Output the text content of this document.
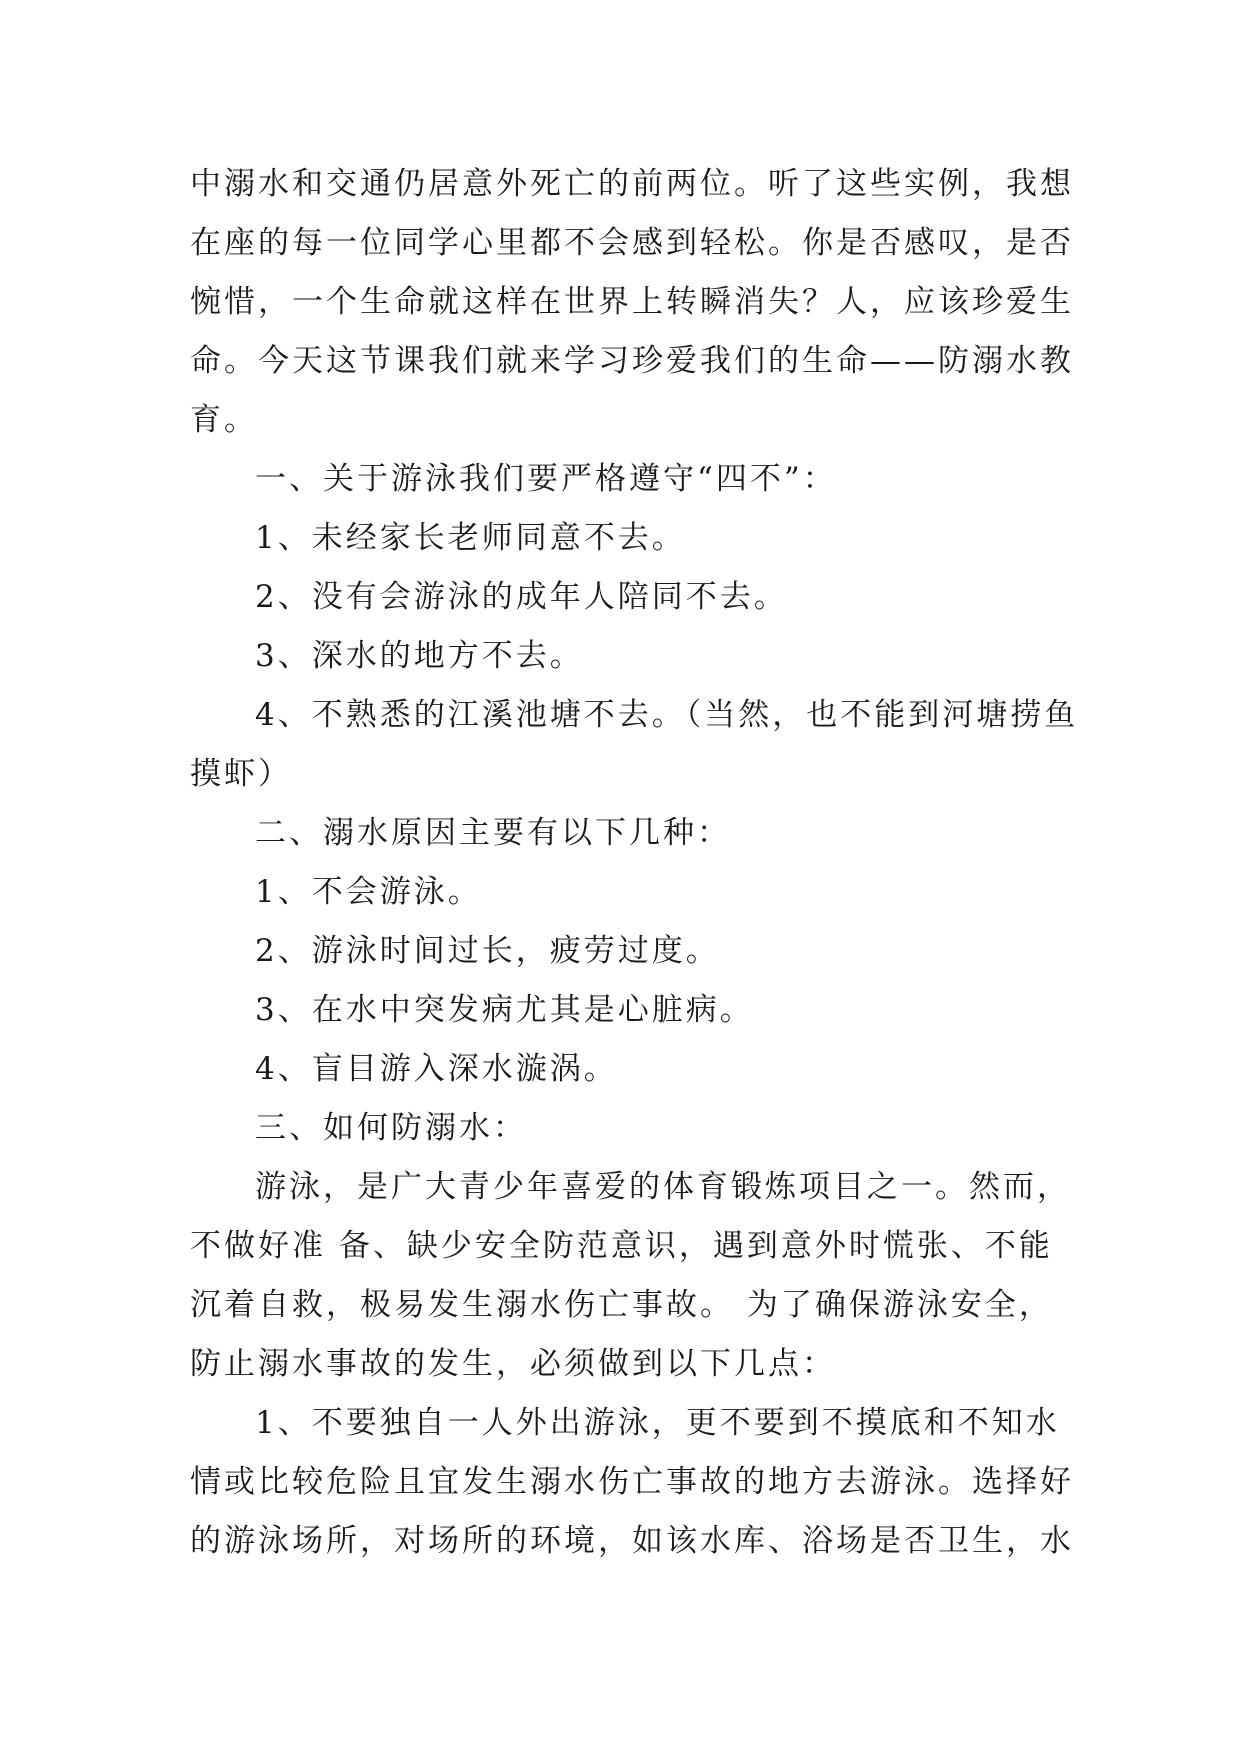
中溺水和交通仍居意外死亡的前两位。听了这些实例，我想
在座的每一位同学心里都不会感到轻松。你是否感叹，是否
惋惜，一个生命就这样在世界上转瞬消失？人，应该珍爱生
命。今天这节课我们就来学习珍爱我们的生命——防溺水教
育。
一、关于游泳我们要严格遵守“四不”：
1、未经家长老师同意不去。
2、没有会游泳的成年人陪同不去。
3、深水的地方不去。
4、不熟悉的江溪池塘不去。（当然，也不能到河塘捞鱼
摸虾）
二、溺水原因主要有以下几种：
1、不会游泳。
2、游泳时间过长，疲劳过度。
3、在水中突发病尤其是心脏病。
4、盲目游入深水漩涡。
三、如何防溺水：
游泳，是广大青少年喜爱的体育锻炼项目之一。然而，
不做好准 备、缺少安全防范意识，遇到意外时慌张、不能
沉着自救，极易发生溺水伤亡事故。 为了确保游泳安全，
防止溺水事故的发生，必须做到以下几点：
1、不要独自一人外出游泳，更不要到不摸底和不知水
情或比较危险且宜发生溺水伤亡事故的地方去游泳。选择好
的游泳场所，对场所的环境，如该水库、浴场是否卫生，水
